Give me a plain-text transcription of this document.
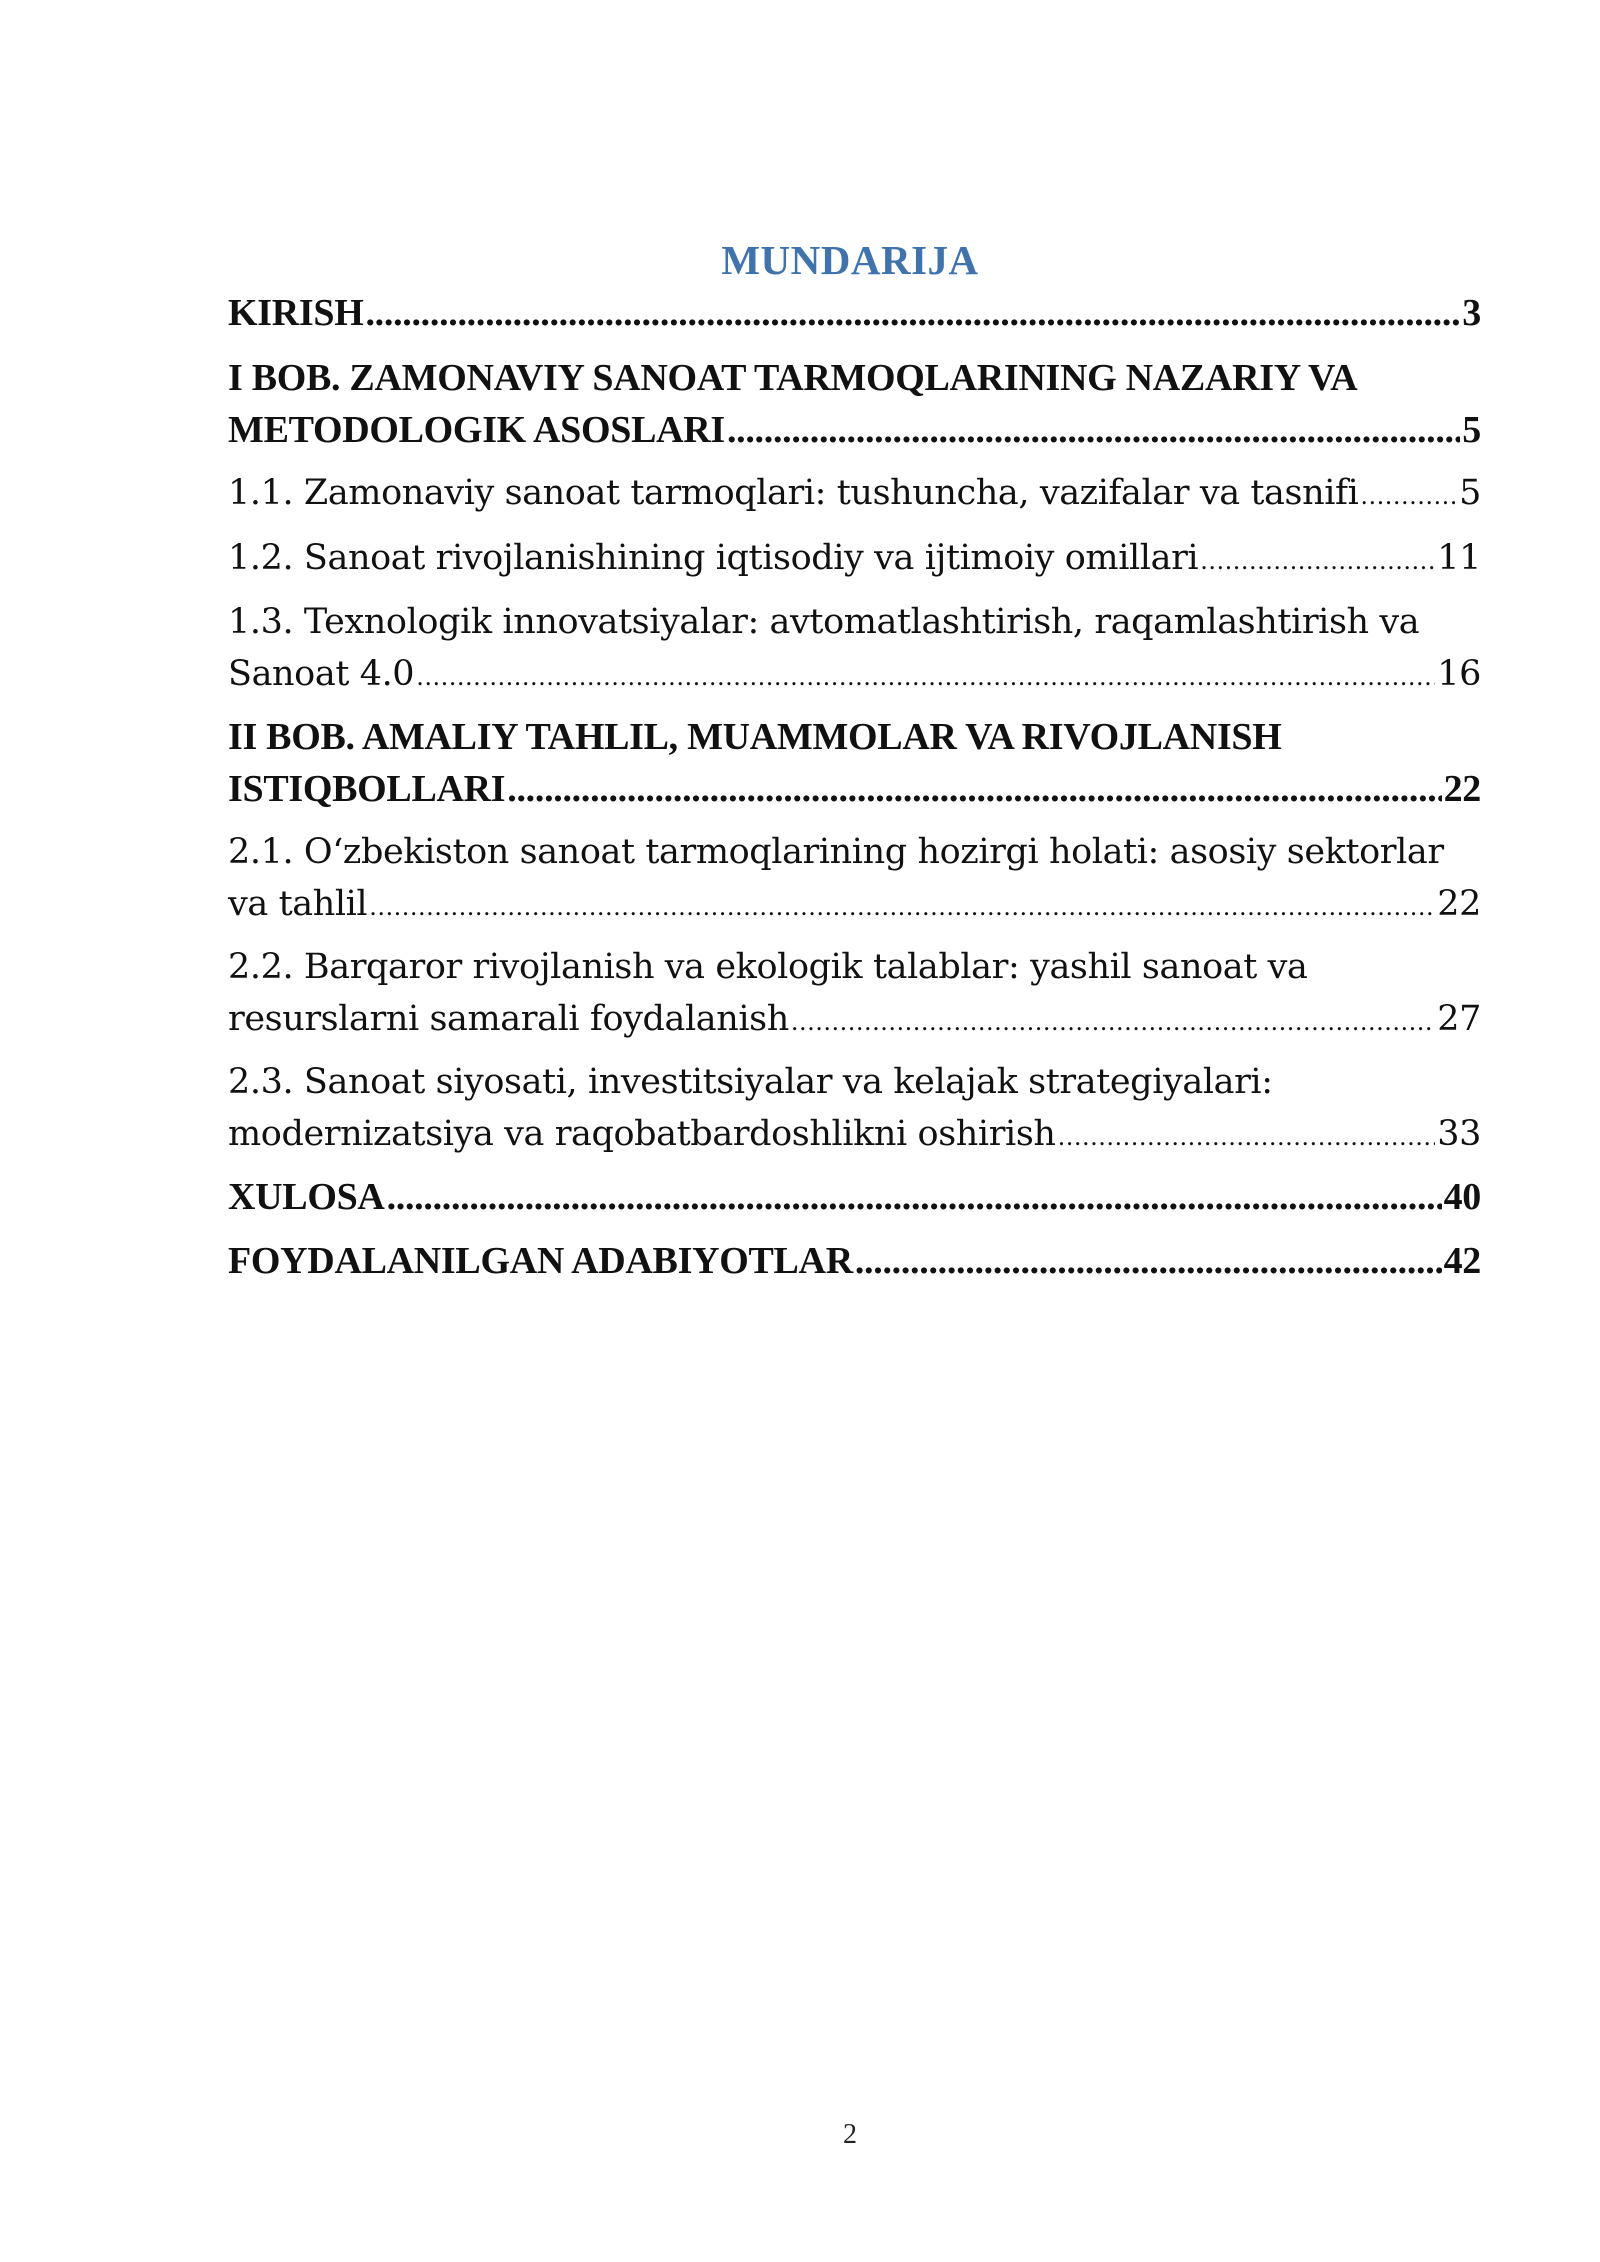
MUNDARIJA
KIRISH .....	3
I BOB. ZAMONAVIY SANOAT TARMOQLARINING NAZARIY VA
METODOLOGIK ASOSLARI .....	5
1.1. Zamonaviy sanoat tarmoqlari: tushuncha, vazifalar va tasnifi .....	5
1.2. Sanoat rivojlanishining iqtisodiy va ijtimoiy omillari .....	11
1.3. Texnologik innovatsiyalar: avtomatlashtirish, raqamlashtirish va
Sanoat 4.0 .....	16
II BOB. AMALIY TAHLIL, MUAMMOLAR VA RIVOJLANISH
ISTIQBOLLARI .....	22
2.1. O‘zbekiston sanoat tarmoqlarining hozirgi holati: asosiy sektorlar
va tahlil .....	22
2.2. Barqaror rivojlanish va ekologik talablar: yashil sanoat va
resurslarni samarali foydalanish .....	27
2.3. Sanoat siyosati, investitsiyalar va kelajak strategiyalari:
modernizatsiya va raqobatbardoshlikni oshirish .....	33
XULOSA .....	40
FOYDALANILGAN ADABIYOTLAR .....	42
2
